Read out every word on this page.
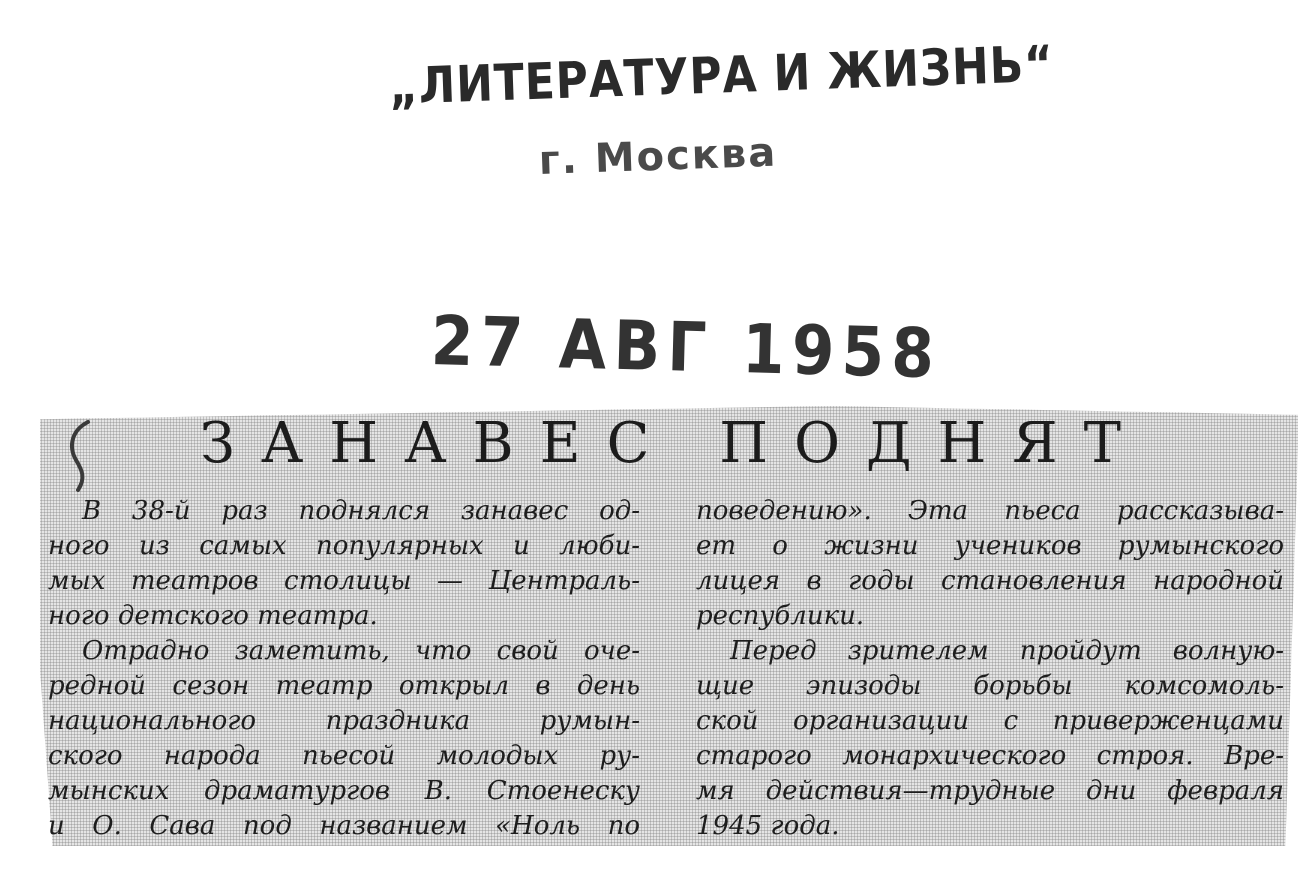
„ЛИТЕРАТУРА И ЖИЗНЬ“
г. Москва
27 АВГ 1958
ЗАНАВЕС ПОДНЯТ
В 38-й раз поднялся занавес од-
ного из самых популярных и люби-
мых театров столицы — Централь-
ного детского театра.
Отрадно заметить, что свой оче-
редной сезон театр открыл в день
национального праздника румын-
ского народа пьесой молодых ру-
мынских драматургов В. Стоенеску
и О. Сава под названием «Ноль по
поведению». Эта пьеса рассказыва-
ет о жизни учеников румынского
лицея в годы становления народной
республики.
Перед зрителем пройдут волную-
щие эпизоды борьбы комсомоль-
ской организации с приверженцами
старого монархического строя. Вре-
мя действия—трудные дни февраля
1945 года.
